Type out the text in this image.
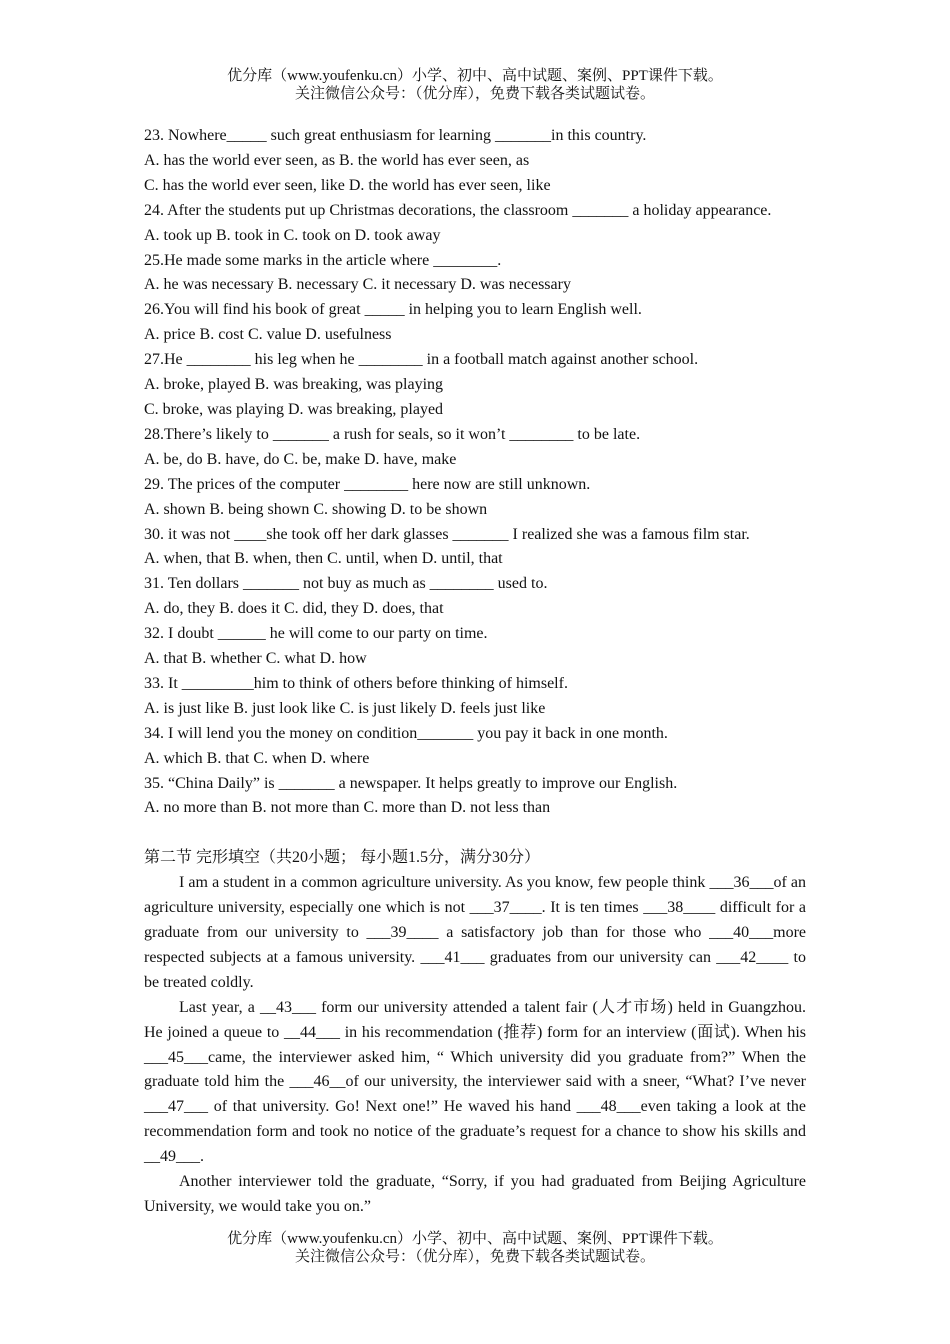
优分库（www.youfenku.cn）小学、初中、高中试题、案例、PPT课件下载。
关注微信公众号：（优分库），免费下载各类试题试卷。
23. Nowhere_____ such great enthusiasm for learning _______in this country.
A. has the world ever seen, as B. the world has ever seen, as
C. has the world ever seen, like D. the world has ever seen, like
24. After the students put up Christmas decorations, the classroom _______ a holiday appearance.
A. took up B. took in C. took on D. took away
25.He made some marks in the article where ________.
A. he was necessary B. necessary C. it necessary D. was necessary
26.You will find his book of great _____ in helping you to learn English well.
A. price B. cost C. value D. usefulness
27.He ________ his leg when he ________ in a football match against another school.
A. broke, played B. was breaking, was playing
C. broke, was playing D. was breaking, played
28.There’s likely to _______ a rush for seals, so it won’t ________ to be late.
A. be, do B. have, do C. be, make D. have, make
29. The prices of the computer ________ here now are still unknown.
A. shown B. being shown C. showing D. to be shown
30. it was not ____she took off her dark glasses _______ I realized she was a famous film star.
A. when, that B. when, then C. until, when D. until, that
31. Ten dollars _______ not buy as much as ________ used to.
A. do, they B. does it C. did, they D. does, that
32. I doubt ______ he will come to our party on time.
A. that B. whether C. what D. how
33. It _________him to think of others before thinking of himself.
A. is just like B. just look like C. is just likely D. feels just like
34. I will lend you the money on condition_______ you pay it back in one month.
A. which B. that C. when D. where
35. “China Daily” is _______ a newspaper. It helps greatly to improve our English.
A. no more than B. not more than C. more than D. not less than
第二节 完形填空（共20小题； 每小题1.5分，满分30分）

I am a student in a common agriculture university. As you know, few people think ___36___of an agriculture university, especially one which is not ___37____. It is ten times ___38____ difficult for a graduate from our university to ___39____ a satisfactory job than for those who ___40___more respected subjects at a famous university. ___41___ graduates from our university can ___42____ to be treated coldly.

Last year, a __43___ form our university attended a talent fair (人才市场) held in Guangzhou. He joined a queue to __44___ in his recommendation (推荐) form for an interview (面试). When his ___45___came, the interviewer asked him, “ Which university did you graduate from?” When the graduate told him the ___46__of our university, the interviewer said with a sneer, “What? I’ve never ___47___ of that university. Go! Next one!” He waved his hand ___48___even taking a look at the recommendation form and took no notice of the graduate’s request for a chance to show his skills and __49___.

Another interviewer told the graduate, “Sorry, if you had graduated from Beijing Agriculture University, we would take you on.”

优分库（www.youfenku.cn）小学、初中、高中试题、案例、PPT课件下载。
关注微信公众号：（优分库），免费下载各类试题试卷。
